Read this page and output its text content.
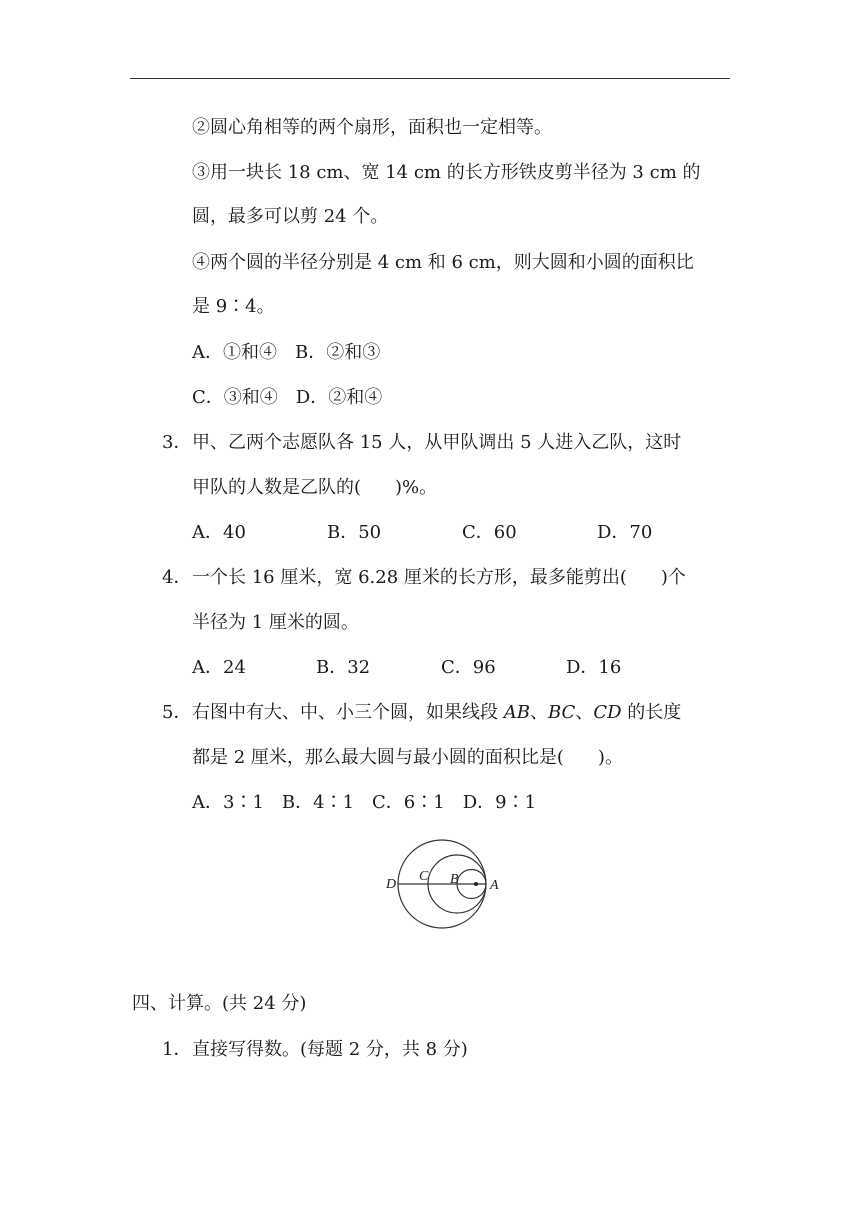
②圆心角相等的两个扇形，面积也一定相等。
③用一块长 18 cm、宽 14 cm 的长方形铁皮剪半径为 3 cm 的
圆，最多可以剪 24 个。
④两个圆的半径分别是 4 cm 和 6 cm，则大圆和小圆的面积比
是 9∶4。
A．①和④　B．②和③
C．③和④　D．②和④
3． 甲、乙两个志愿队各 15 人，从甲队调出 5 人进入乙队，这时
甲队的人数是乙队的( )%。
A．40	B．50	C．60	D．70
4． 一个长 16 厘米，宽 6.28 厘米的长方形，最多能剪出( )个
半径为 1 厘米的圆。
A．24	B．32	C．96	D．16
5． 右图中有大、中、小三个圆，如果线段 AB、BC、CD 的长度
都是 2 厘米，那么最大圆与最小圆的面积比是( )。
A．3∶1　B．4∶1　C．6∶1　D．9∶1
D
C B A
四、计算。(共 24 分)
1． 直接写得数。(每题 2 分，共 8 分)
